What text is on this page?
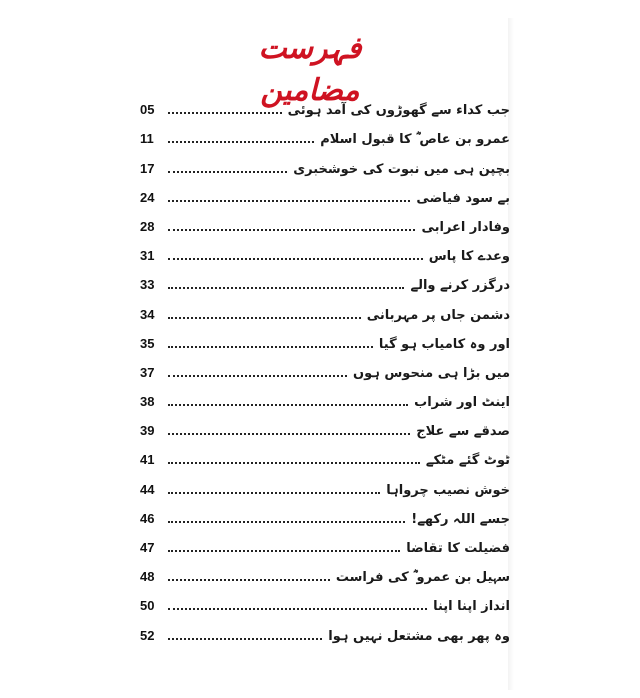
فہرست مضامین
05	جب کداء سے گھوڑوں کی آمد ہوئی
11	عمرو بن عاص ؓ کا قبول اسلام
17	بچپن ہی میں نبوت کی خوشخبری
24	بے سود فیاضی
28	وفادار اعرابی
31	وعدے کا پاس
33	درگزر کرنے والے
34	دشمن جاں پر مہربانی
35	اور وہ کامیاب ہو گیا
37	میں بڑا ہی منحوس ہوں
38	اینٹ اور شراب
39	صدقے سے علاج
41	ٹوٹ گئے مٹکے
44	خوش نصیب چرواہا
46	جسے اللہ رکھے!
47	فضیلت کا تقاضا
48	سہیل بن عمرو ؓ کی فراست
50	انداز اپنا اپنا
52	وہ پھر بھی مشتعل نہیں ہوا
